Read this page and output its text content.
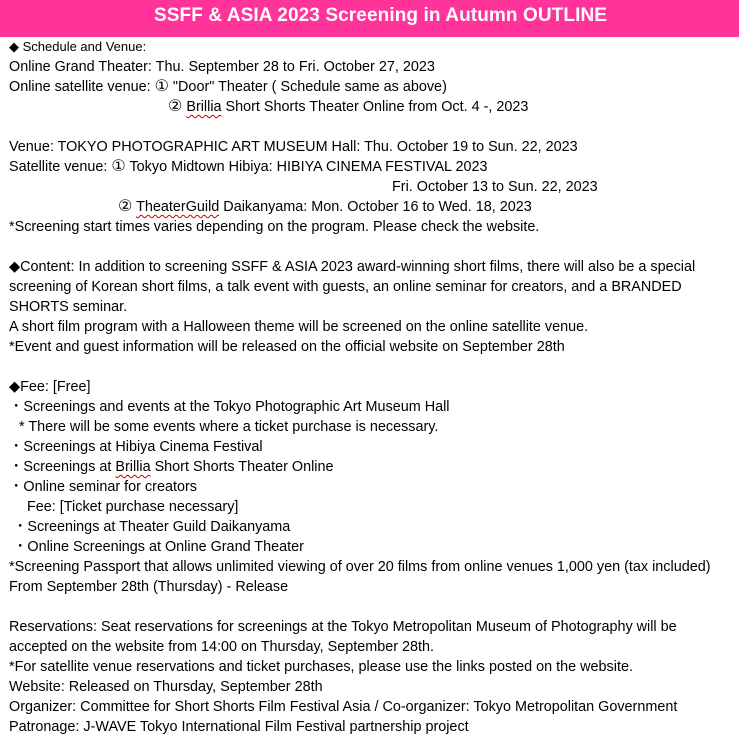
SSFF & ASIA 2023 Screening in Autumn OUTLINE
◆ Schedule and Venue:
Online Grand Theater: Thu. September 28 to Fri. October 27, 2023
Online satellite venue: ① "Door" Theater ( Schedule same as above)
② Brillia Short Shorts Theater Online from Oct. 4 -, 2023
Venue: TOKYO PHOTOGRAPHIC ART MUSEUM Hall: Thu. October 19 to Sun. 22, 2023
Satellite venue: ① Tokyo Midtown Hibiya: HIBIYA CINEMA FESTIVAL 2023
Fri. October 13 to Sun. 22, 2023
② TheaterGuild Daikanyama: Mon. October 16 to Wed. 18, 2023
*Screening start times varies depending on the program. Please check the website.
◆Content: In addition to screening SSFF & ASIA 2023 award-winning short films, there will also be a special screening of Korean short films, a talk event with guests, an online seminar for creators, and a BRANDED SHORTS seminar.
A short film program with a Halloween theme will be screened on the online satellite venue.
*Event and guest information will be released on the official website on September 28th
◆Fee: [Free]
・Screenings and events at the Tokyo Photographic Art Museum Hall
* There will be some events where a ticket purchase is necessary.
・Screenings at Hibiya Cinema Festival
・Screenings at Brillia Short Shorts Theater Online
・Online seminar for creators
Fee: [Ticket purchase necessary]
・Screenings at Theater Guild Daikanyama
・Online Screenings at Online Grand Theater
*Screening Passport that allows unlimited viewing of over 20 films from online venues 1,000 yen (tax included) From September 28th (Thursday) - Release
Reservations: Seat reservations for screenings at the Tokyo Metropolitan Museum of Photography will be accepted on the website from 14:00 on Thursday, September 28th.
*For satellite venue reservations and ticket purchases, please use the links posted on the website.
Website: Released on Thursday, September 28th
Organizer: Committee for Short Shorts Film Festival Asia / Co-organizer: Tokyo Metropolitan Government
Patronage: J-WAVE Tokyo International Film Festival partnership project
